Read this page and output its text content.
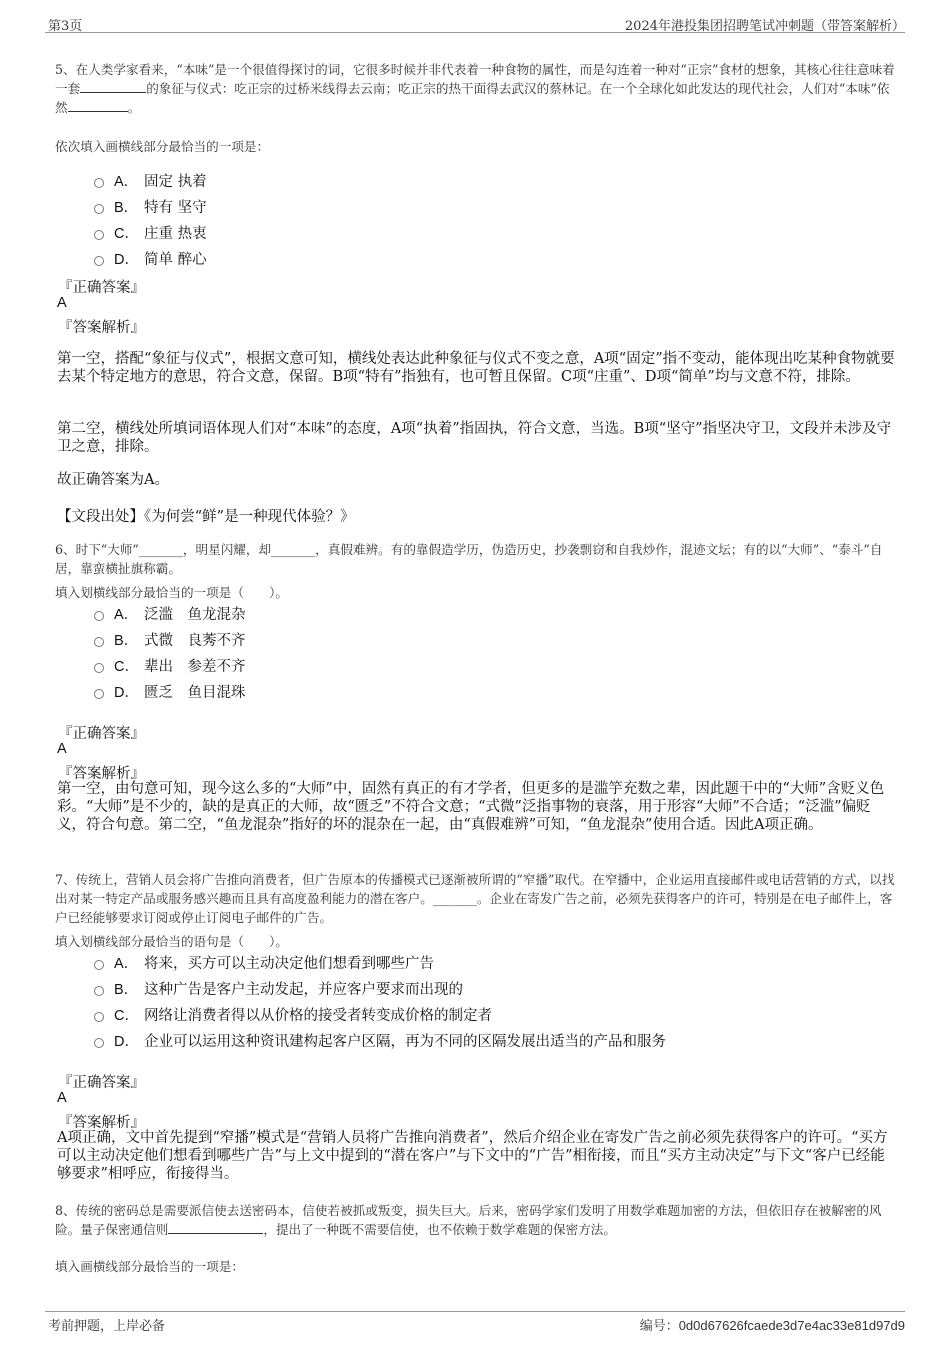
第3页	2024年港投集团招聘笔试冲刺题（带答案解析）

5、在人类学家看来，“本味”是一个很值得探讨的词，它很多时候并非代表着一种食物的属性，而是勾连着一种对“正宗”食材的想象，其核心往往意味着一套	的象征与仪式：吃正宗的过桥米线得去云南；吃正宗的热干面得去武汉的蔡林记。在一个全球化如此发达的现代社会，人们对“本味”依然	。

依次填入画横线部分最恰当的一项是：

A． 固定 执着
B． 特有 坚守
C． 庄重 热衷
D． 简单 醉心
『正确答案』
A
『答案解析』

第一空，搭配“象征与仪式”，根据文意可知，横线处表达此种象征与仪式不变之意，A项“固定”指不变动，能体现出吃某种食物就要去某个特定地方的意思，符合文意，保留。B项“特有”指独有，也可暂且保留。C项“庄重”、D项“简单”均与文意不符，排除。

第二空，横线处所填词语体现人们对“本味”的态度，A项“执着”指固执，符合文意，当选。B项“坚守”指坚决守卫，文段并未涉及守卫之意，排除。

故正确答案为A。

【文段出处】《为何尝“鲜”是一种现代体验？》

6、时下“大师”_______，明星闪耀，却_______，真假难辨。有的靠假造学历，伪造历史，抄袭剽窃和自我炒作，混迹文坛；有的以“大师”、“泰斗”自居，靠蛮横扯旗称霸。

填入划横线部分最恰当的一项是（　　）。

A． 泛滥　鱼龙混杂
B． 式微　良莠不齐
C． 辈出　参差不齐
D． 匮乏　鱼目混珠
『正确答案』
A
『答案解析』

第一空，由句意可知，现今这么多的“大师”中，固然有真正的有才学者，但更多的是滥竽充数之辈，因此题干中的“大师”含贬义色彩。“大师”是不少的，缺的是真正的大师，故“匮乏”不符合文意；“式微”泛指事物的衰落，用于形容“大师”不合适；“泛滥”偏贬义，符合句意。第二空，“鱼龙混杂”指好的坏的混杂在一起，由“真假难辨”可知，“鱼龙混杂”使用合适。因此A项正确。

7、传统上，营销人员会将广告推向消费者，但广告原本的传播模式已逐渐被所谓的“窄播”取代。在窄播中，企业运用直接邮件或电话营销的方式，以找出对某一特定产品或服务感兴趣而且具有高度盈利能力的潜在客户。_______。企业在寄发广告之前，必须先获得客户的许可，特别是在电子邮件上，客户已经能够要求订阅或停止订阅电子邮件的广告。

填入划横线部分最恰当的语句是（　　）。

A． 将来，买方可以主动决定他们想看到哪些广告
B． 这种广告是客户主动发起，并应客户要求而出现的
C． 网络让消费者得以从价格的接受者转变成价格的制定者
D． 企业可以运用这种资讯建构起客户区隔，再为不同的区隔发展出适当的产品和服务
『正确答案』
A
『答案解析』

A项正确，文中首先提到“窄播”模式是“营销人员将广告推向消费者”，然后介绍企业在寄发广告之前必须先获得客户的许可。“买方可以主动决定他们想看到哪些广告”与上文中提到的“潜在客户”与下文中的“广告”相衔接，而且“买方主动决定”与下文“客户已经能够要求”相呼应，衔接得当。

8、传统的密码总是需要派信使去送密码本，信使若被抓或叛变，损失巨大。后来，密码学家们发明了用数学难题加密的方法，但依旧存在被解密的风险。量子保密通信则	，提出了一种既不需要信使，也不依赖于数学难题的保密方法。

填入画横线部分最恰当的一项是：

考前押题，上岸必备	编号：0d0d67626fcaede3d7e4ac33e81d97d9
